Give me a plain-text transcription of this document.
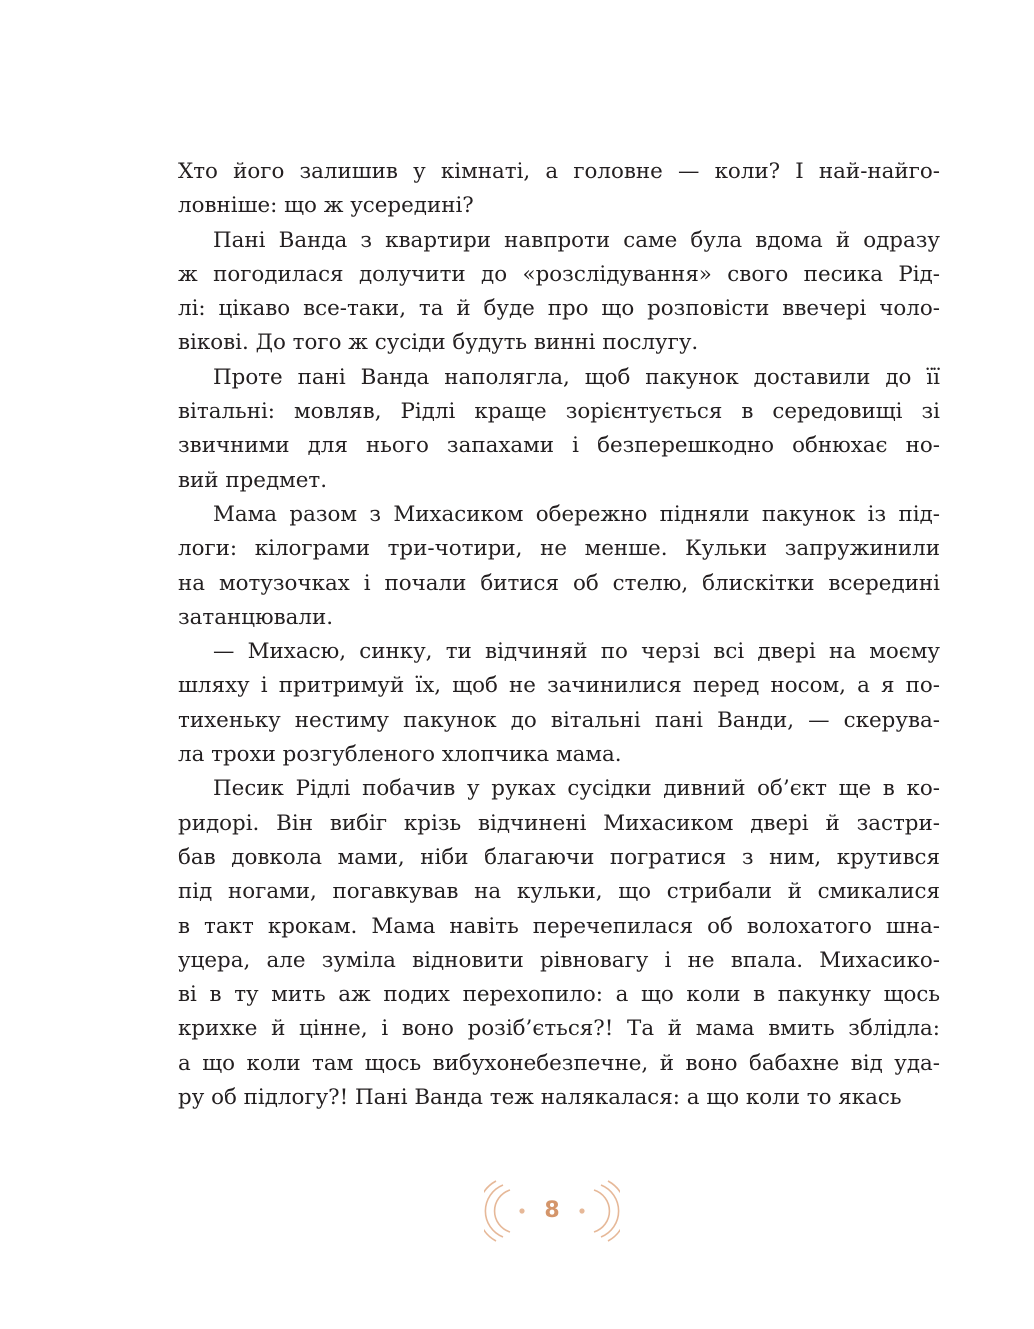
Хто його залишив у кімнаті, а головне — коли? І най-найго-
ловніше: що ж усередині?
Пані Ванда з квартири навпроти саме була вдома й одразу
ж погодилася долучити до «розслідування» свого песика Рід-
лі: цікаво все-таки, та й буде про що розповісти ввечері чоло-
вікові. До того ж сусіди будуть винні послугу.
Проте пані Ванда наполягла, щоб пакунок доставили до її
вітальні: мовляв, Рідлі краще зорієнтується в середовищі зі
звичними для нього запахами і безперешкодно обнюхає но-
вий предмет.
Мама разом з Михасиком обережно підняли пакунок із під-
логи: кілограми три-чотири, не менше. Кульки запружинили
на мотузочках і почали битися об стелю, блискітки всередині
затанцювали.
— Михасю, синку, ти відчиняй по черзі всі двері на моєму
шляху і притримуй їх, щоб не зачинилися перед носом, а я по-
тихеньку нестиму пакунок до вітальні пані Ванди, — скерува-
ла трохи розгубленого хлопчика мама.
Песик Рідлі побачив у руках сусідки дивний об’єкт ще в ко-
ридорі. Він вибіг крізь відчинені Михасиком двері й застри-
бав довкола мами, ніби благаючи погратися з ним, крутився
під ногами, погавкував на кульки, що стрибали й смикалися
в такт крокам. Мама навіть перечепилася об волохатого шна-
уцера, але зуміла відновити рівновагу і не впала. Михасико-
ві в ту мить аж подих перехопило: а що коли в пакунку щось
крихке й цінне, і воно розіб’ється?! Та й мама вмить зблідла:
а що коли там щось вибухонебезпечне, й воно бабахне від уда-
ру об підлогу?! Пані Ванда теж налякалася: а що коли то якась
8
